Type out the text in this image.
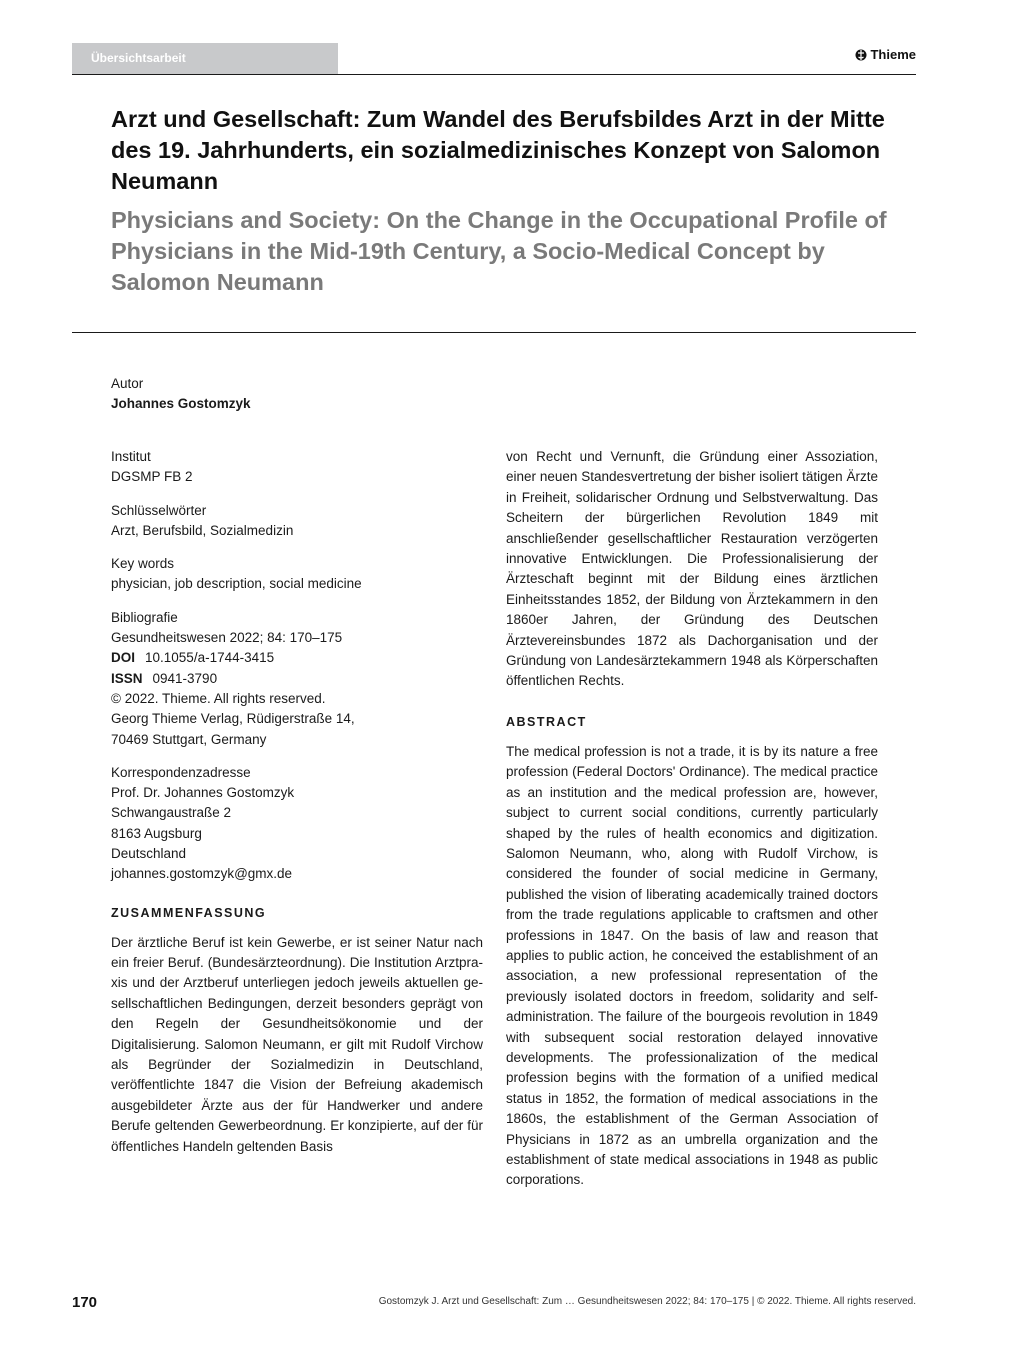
Übersichtsarbeit	Thieme
Arzt und Gesellschaft: Zum Wandel des Berufsbildes Arzt in der Mitte des 19. Jahrhunderts, ein sozialmedizinisches Konzept von Salomon Neumann
Physicians and Society: On the Change in the Occupational Profile of Physicians in the Mid-19th Century, a Socio-Medical Concept by Salomon Neumann
Autor
Johannes Gostomzyk
Institut
DGSMP FB 2
Schlüsselwörter
Arzt, Berufsbild, Sozialmedizin
Key words
physician, job description, social medicine
Bibliografie
Gesundheitswesen 2022; 84: 170–175
DOI 10.1055/a-1744-3415
ISSN 0941-3790
© 2022. Thieme. All rights reserved.
Georg Thieme Verlag, Rüdigerstraße 14,
70469 Stuttgart, Germany
Korrespondenzadresse
Prof. Dr. Johannes Gostomzyk
Schwangaustraße 2
8163 Augsburg
Deutschland
johannes.gostomzyk@gmx.de
ZUSAMMENFASSUNG

Der ärztliche Beruf ist kein Gewerbe, er ist seiner Natur nach ein freier Beruf. (Bundesärzteordnung). Die Institution Arztpraxis und der Arztberuf unterliegen jedoch jeweils aktuellen gesellschaftlichen Bedingungen, derzeit besonders geprägt von den Regeln der Gesundheitsökonomie und der Digitalisierung. Salomon Neumann, er gilt mit Rudolf Virchow als Begründer der Sozialmedizin in Deutschland, veröffentlichte 1847 die Vision der Befreiung akademisch ausgebildeter Ärzte aus der für Handwerker und andere Berufe geltenden Gewerbeordnung. Er konzipierte, auf der für öffentliches Handeln geltenden Basis

von Recht und Vernunft, die Gründung einer Assoziation, einer neuen Standesvertretung der bisher isoliert tätigen Ärzte in Freiheit, solidarischer Ordnung und Selbstverwaltung. Das Scheitern der bürgerlichen Revolution 1849 mit anschließender gesellschaftlicher Restauration verzögerten innovative Entwicklungen. Die Professionalisierung der Ärzteschaft beginnt mit der Bildung eines ärztlichen Einheitsstandes 1852, der Bildung von Ärztekammern in den 1860er Jahren, der Gründung des Deutschen Ärztevereinsbundes 1872 als Dachorganisation und der Gründung von Landesärztekammern 1948 als Körperschaften öffentlichen Rechts.

ABSTRACT

The medical profession is not a trade, it is by its nature a free profession (Federal Doctors' Ordinance). The medical practice as an institution and the medical profession are, however, subject to current social conditions, currently particularly shaped by the rules of health economics and digitization. Salomon Neumann, who, along with Rudolf Virchow, is considered the founder of social medicine in Germany, published the vision of liberating academically trained doctors from the trade regulations applicable to craftsmen and other professions in 1847. On the basis of law and reason that applies to public action, he conceived the establishment of an association, a new professional representation of the previously isolated doctors in freedom, solidarity and self-administration. The failure of the bourgeois revolution in 1849 with subsequent social restoration delayed innovative developments. The professionalization of the medical profession begins with the formation of a unified medical status in 1852, the formation of medical associations in the 1860s, the establishment of the German Association of Physicians in 1872 as an umbrella organization and the establishment of state medical associations in 1948 as public corporations.

170	Gostomzyk J. Arzt und Gesellschaft: Zum … Gesundheitswesen 2022; 84: 170–175 | © 2022. Thieme. All rights reserved.
